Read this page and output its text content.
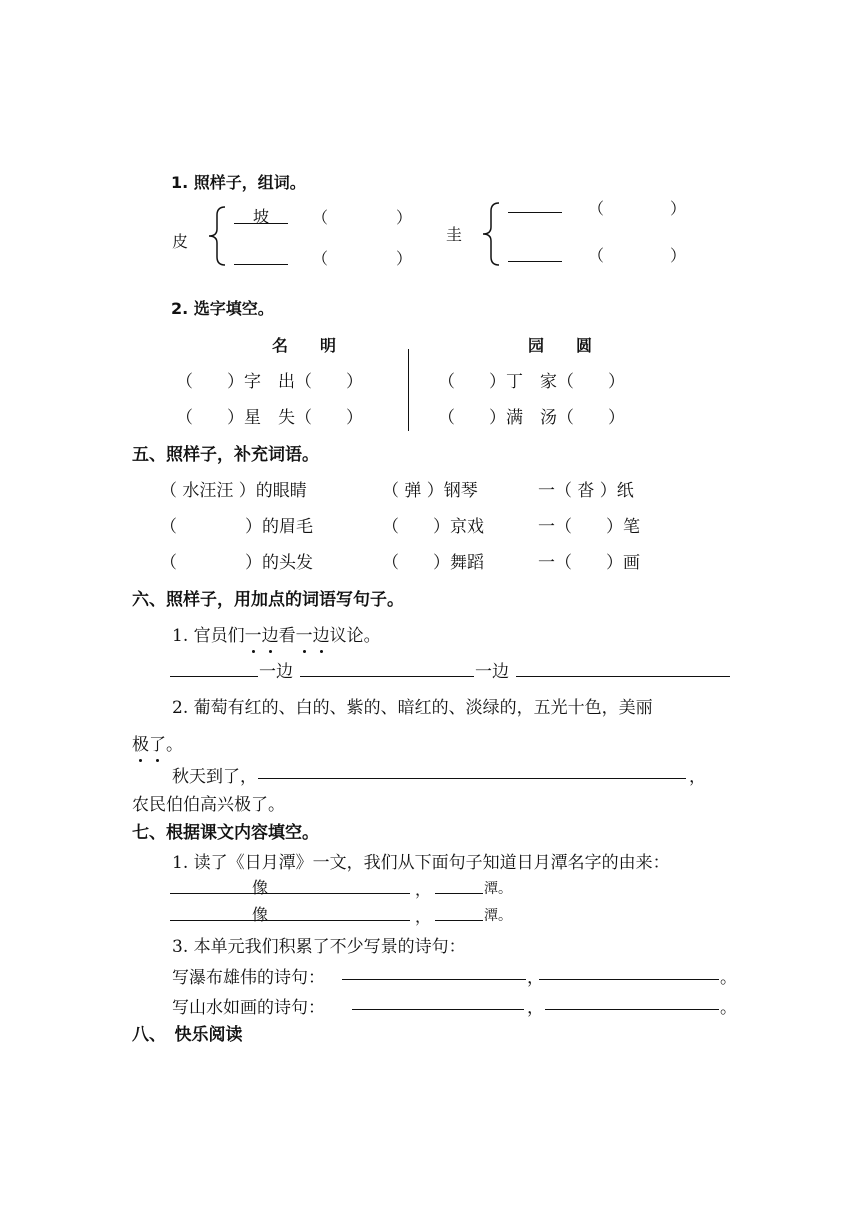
1. 照样子，组词。
皮
坡	（	）
（	）
圭
（	）
（	）
2. 选字填空。
名　　明	园　　圆
（　　）字　出（　　）
（　　）星　失（　　）
（　　）丁　家（　　）
（　　）满　汤（　　）
五、照样子，补充词语。
（ 水汪汪 ）的眼睛	（ 弹 ）钢琴	一（ 沓 ）纸
（　　　　）的眉毛	（　　）京戏	一（　　）笔
（　　　　）的头发	（　　）舞蹈	一（　　）画
六、照样子，用加点的词语写句子。
1. 官员们一边看一边议论。
一边	一边
2. 葡萄有红的、白的、紫的、暗红的、淡绿的，五光十色，美丽
极了。
秋天到了，	，
农民伯伯高兴极了。
七、根据课文内容填空。
1. 读了《日月潭》一文，我们从下面句子知道日月潭名字的由来：
像	，	潭。
像	，	潭。
3. 本单元我们积累了不少写景的诗句：
写瀑布雄伟的诗句：	，	。
写山水如画的诗句：	，	。
八、　快乐阅读
